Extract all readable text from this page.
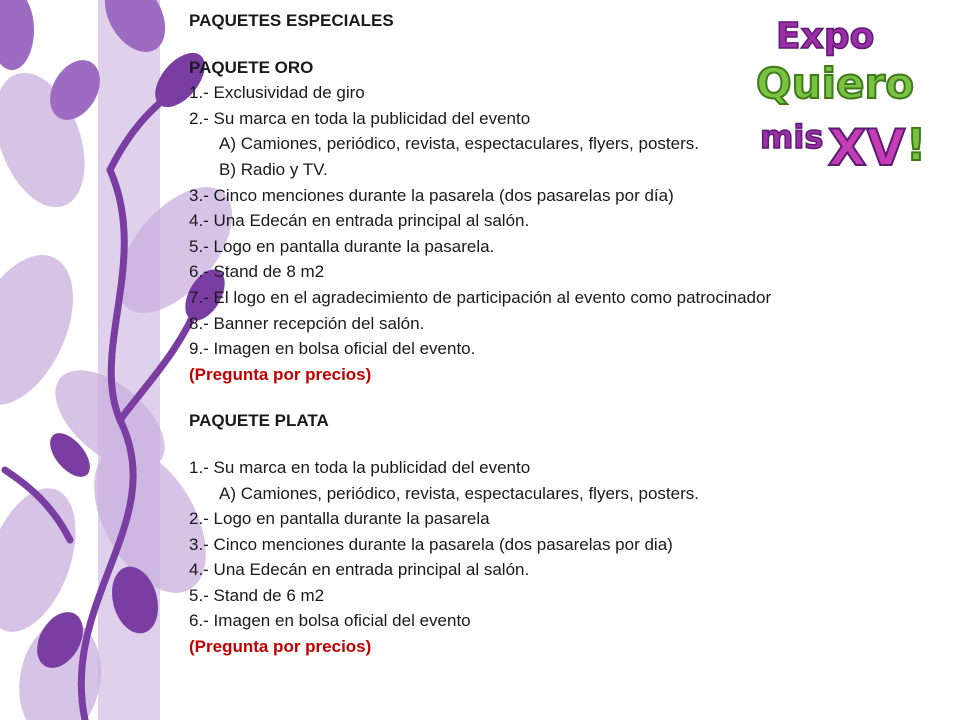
Expo
Quiero
mis XV !
PAQUETES ESPECIALES
PAQUETE ORO
1.- Exclusividad de giro
2.- Su marca en toda la publicidad del evento
A) Camiones, periódico, revista, espectaculares, flyers, posters.
B) Radio y TV.
3.- Cinco menciones durante la pasarela (dos pasarelas por día)
4.- Una Edecán en entrada principal al salón.
5.- Logo en pantalla durante la pasarela.
6.- Stand de 8 m2
7.- El logo en el agradecimiento de participación al evento como patrocinador
8.- Banner recepción del salón.
9.- Imagen en bolsa oficial del evento.
(Pregunta por precios)
PAQUETE PLATA
1.- Su marca en toda la publicidad del evento
A) Camiones, periódico, revista, espectaculares, flyers, posters.
2.- Logo en pantalla durante la pasarela
3.- Cinco menciones durante la pasarela (dos pasarelas por dia)
4.- Una Edecán en entrada principal al salón.
5.- Stand de 6 m2
6.- Imagen en bolsa oficial del evento
(Pregunta por precios)
